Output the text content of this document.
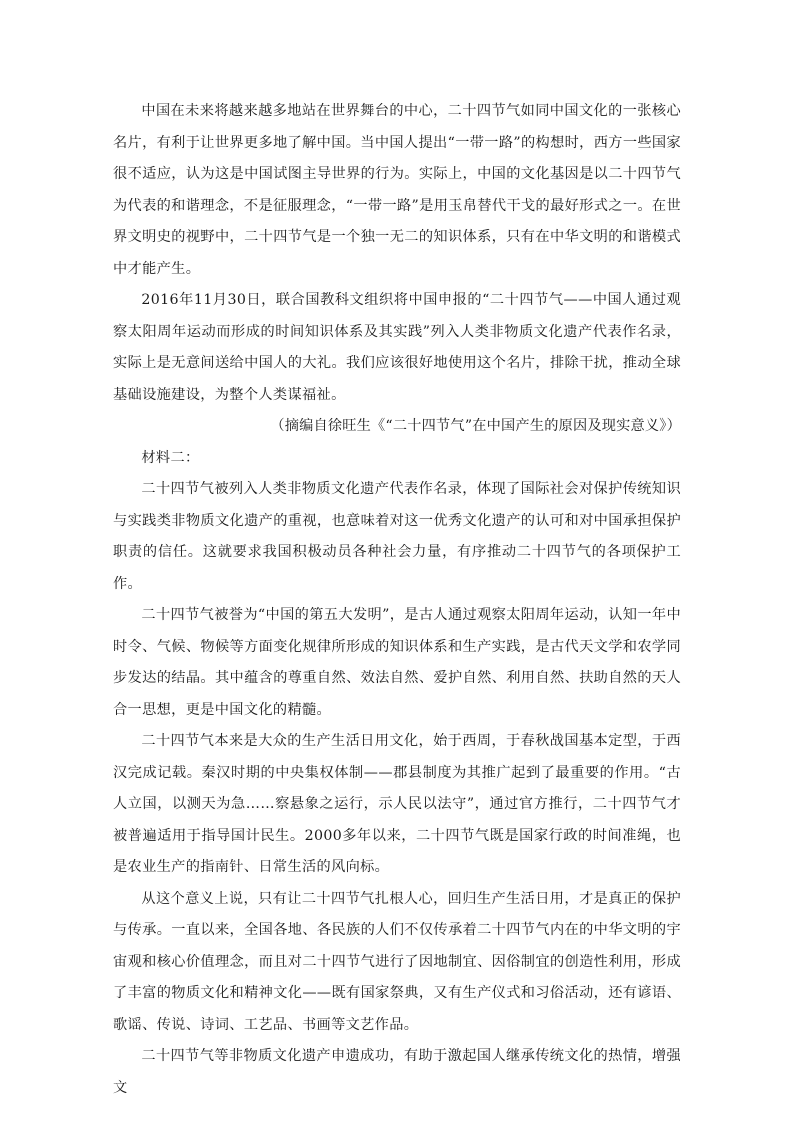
中国在未来将越来越多地站在世界舞台的中心，二十四节气如同中国文化的一张核心名片，有利于让世界更多地了解中国。当中国人提出“一带一路”的构想时，西方一些国家很不适应，认为这是中国试图主导世界的行为。实际上，中国的文化基因是以二十四节气为代表的和谐理念，不是征服理念，“一带一路”是用玉帛替代干戈的最好形式之一。在世界文明史的视野中，二十四节气是一个独一无二的知识体系，只有在中华文明的和谐模式中才能产生。

2016年11月30日，联合国教科文组织将中国申报的“二十四节气——中国人通过观察太阳周年运动而形成的时间知识体系及其实践”列入人类非物质文化遗产代表作名录，实际上是无意间送给中国人的大礼。我们应该很好地使用这个名片，排除干扰，推动全球基础设施建设，为整个人类谋福祉。

（摘编自徐旺生《“二十四节气”在中国产生的原因及现实意义》）

材料二：

二十四节气被列入人类非物质文化遗产代表作名录，体现了国际社会对保护传统知识与实践类非物质文化遗产的重视，也意味着对这一优秀文化遗产的认可和对中国承担保护职责的信任。这就要求我国积极动员各种社会力量，有序推动二十四节气的各项保护工作。

二十四节气被誉为“中国的第五大发明”，是古人通过观察太阳周年运动，认知一年中时令、气候、物候等方面变化规律所形成的知识体系和生产实践，是古代天文学和农学同步发达的结晶。其中蕴含的尊重自然、效法自然、爱护自然、利用自然、扶助自然的天人合一思想，更是中国文化的精髓。

二十四节气本来是大众的生产生活日用文化，始于西周，于春秋战国基本定型，于西汉完成记载。秦汉时期的中央集权体制——郡县制度为其推广起到了最重要的作用。“古人立国，以测天为急……察悬象之运行，示人民以法守”，通过官方推行，二十四节气才被普遍适用于指导国计民生。2000多年以来，二十四节气既是国家行政的时间准绳，也是农业生产的指南针、日常生活的风向标。

从这个意义上说，只有让二十四节气扎根人心，回归生产生活日用，才是真正的保护与传承。一直以来，全国各地、各民族的人们不仅传承着二十四节气内在的中华文明的宇宙观和核心价值理念，而且对二十四节气进行了因地制宜、因俗制宜的创造性利用，形成了丰富的物质文化和精神文化——既有国家祭典，又有生产仪式和习俗活动，还有谚语、歌谣、传说、诗词、工艺品、书画等文艺作品。

二十四节气等非物质文化遗产申遗成功，有助于激起国人继承传统文化的热情，增强文
